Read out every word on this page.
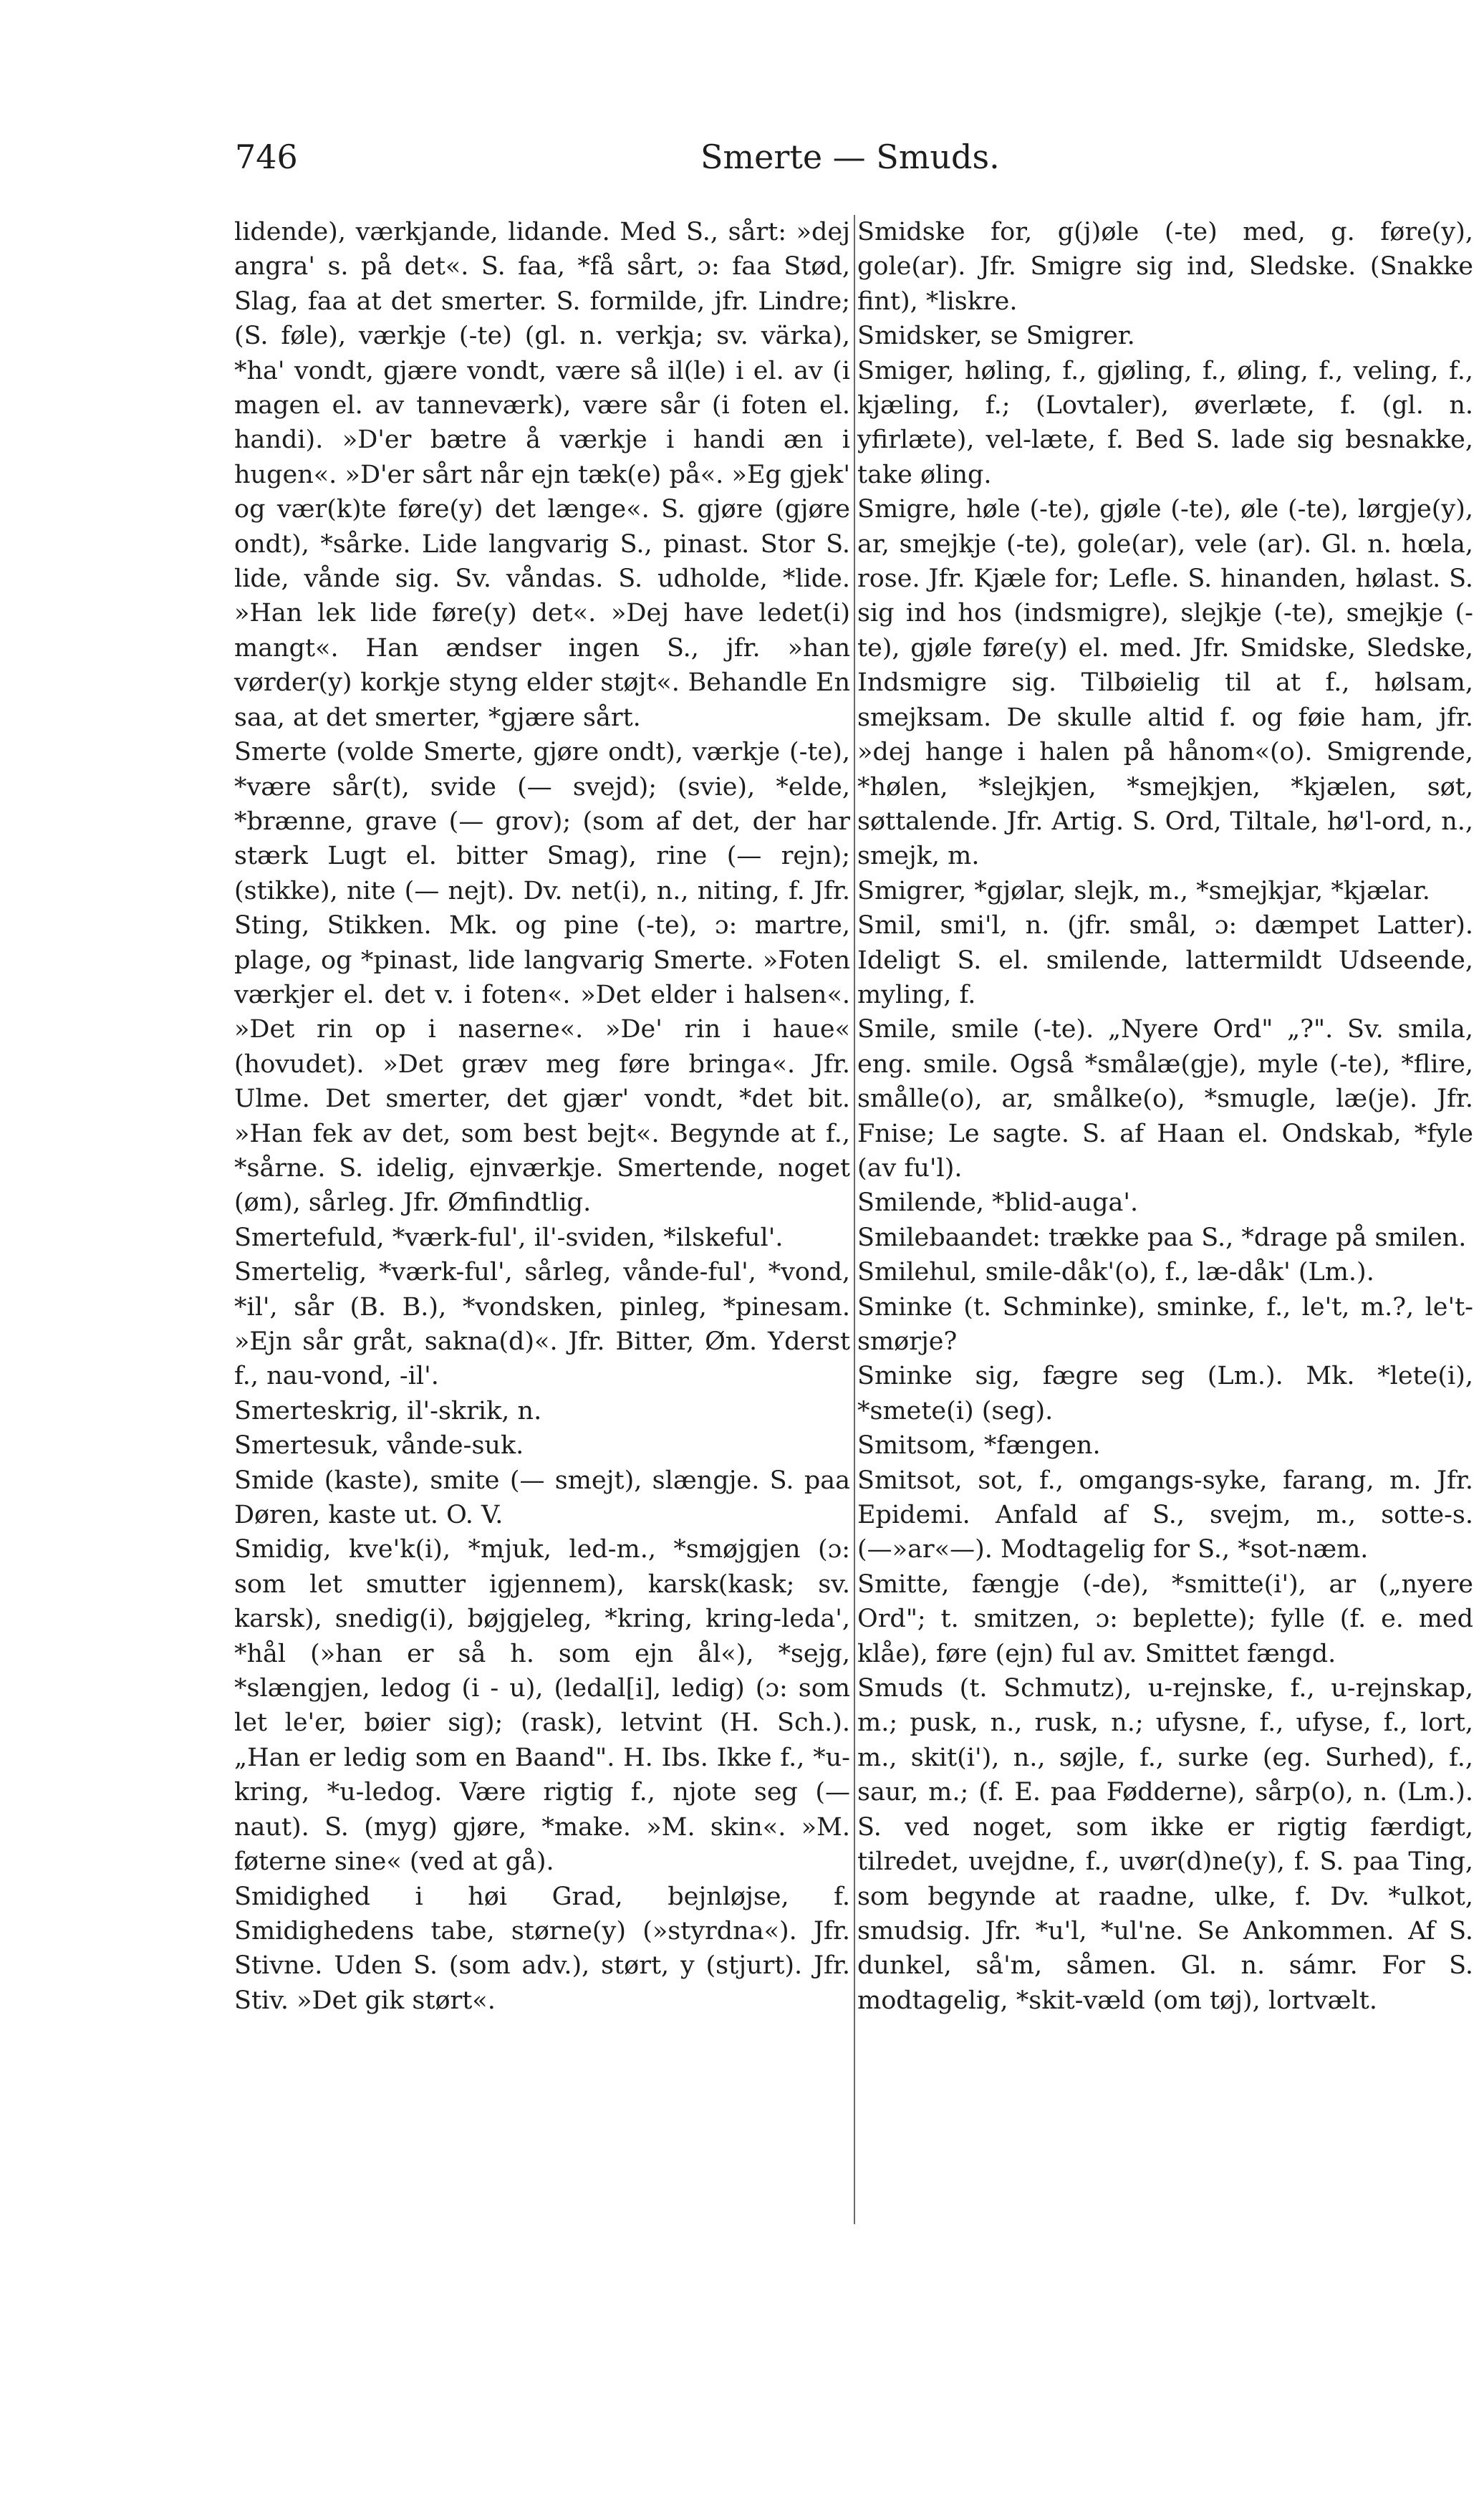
746	Smerte — Smuds.

lidende), værkjande, lidande. Med S., sårt: »dej angra' s. på det«. S. faa, *få sårt, ɔ: faa Stød, Slag, faa at det smerter. S. formilde, jfr. Lindre; (S. føle), værkje (-te) (gl. n. verkja; sv. värka), *ha' vondt, gjære vondt, være så il(le) i el. av (i magen el. av tanneværk), være sår (i foten el. handi). »D'er bætre å værkje i handi æn i hugen«. »D'er sårt når ejn tæk(e) på«. »Eg gjek' og vær(k)te føre(y) det længe«. S. gjøre (gjøre ondt), *sårke. Lide langvarig S., pinast. Stor S. lide, vånde sig. Sv. våndas. S. udholde, *lide. »Han lek lide føre(y) det«. »Dej have ledet(i) mangt«. Han ændser ingen S., jfr. »han vørder(y) korkje styng elder støjt«. Behandle En saa, at det smerter, *gjære sårt.

Smerte (volde Smerte, gjøre ondt), værkje (-te), *være sår(t), svide (— svejd); (svie), *elde, *brænne, grave (— grov); (som af det, der har stærk Lugt el. bitter Smag), rine (— rejn); (stikke), nite (— nejt). Dv. net(i), n., niting, f. Jfr. Sting, Stikken. Mk. og pine (-te), ɔ: martre, plage, og *pinast, lide langvarig Smerte. »Foten værkjer el. det v. i foten«. »Det elder i halsen«. »Det rin op i naserne«. »De' rin i haue« (hovudet). »Det græv meg føre bringa«. Jfr. Ulme. Det smerter, det gjær' vondt, *det bit. »Han fek av det, som best bejt«. Begynde at f., *sårne. S. idelig, ejnværkje. Smertende, noget (øm), sårleg. Jfr. Ømfindtlig.

Smertefuld, *værk-ful', il'-sviden, *ilskeful'.

Smertelig, *værk-ful', sårleg, vånde-ful', *vond, *il', sår (B. B.), *vondsken, pinleg, *pinesam. »Ejn sår gråt, sakna(d)«. Jfr. Bitter, Øm. Yderst f., nau-vond, -il'.

Smerteskrig, il'-skrik, n.

Smertesuk, vånde-suk.

Smide (kaste), smite (— smejt), slængje. S. paa Døren, kaste ut. O. V.

Smidig, kve'k(i), *mjuk, led-m., *smøjgjen (ɔ: som let smutter igjennem), karsk(kask; sv. karsk), snedig(i), bøjgjeleg, *kring, kring-leda', *hål (»han er så h. som ejn ål«), *sejg, *slængjen, ledog (i - u), (ledal[i], ledig) (ɔ: som let le'er, bøier sig); (rask), letvint (H. Sch.). „Han er ledig som en Baand". H. Ibs. Ikke f., *u-kring, *u-ledog. Være rigtig f., njote seg (— naut). S. (myg) gjøre, *make. »M. skin«. »M. føterne sine« (ved at gå).

Smidighed i høi Grad, bejnløjse, f. Smidighedens tabe, størne(y) (»styrdna«). Jfr. Stivne. Uden S. (som adv.), størt, y (stjurt). Jfr. Stiv. »Det gik størt«.

Smidske for, g(j)øle (-te) med, g. føre(y), gole(ar). Jfr. Smigre sig ind, Sledske. (Snakke fint), *liskre.

Smidsker, se Smigrer.

Smiger, høling, f., gjøling, f., øling, f., veling, f., kjæling, f.; (Lovtaler), øverlæte, f. (gl. n. yfirlæte), vel-læte, f. Bed S. lade sig besnakke, take øling.

Smigre, høle (-te), gjøle (-te), øle (-te), lørgje(y), ar, smejkje (-te), gole(ar), vele (ar). Gl. n. hœla, rose. Jfr. Kjæle for; Lefle. S. hinanden, hølast. S. sig ind hos (indsmigre), slejkje (-te), smejkje (-te), gjøle føre(y) el. med. Jfr. Smidske, Sledske, Indsmigre sig. Tilbøielig til at f., hølsam, smejksam. De skulle altid f. og føie ham, jfr. »dej hange i halen på hånom«(o). Smigrende, *hølen, *slejkjen, *smejkjen, *kjælen, søt, søttalende. Jfr. Artig. S. Ord, Tiltale, hø'l-ord, n., smejk, m.

Smigrer, *gjølar, slejk, m., *smejkjar, *kjælar.

Smil, smi'l, n. (jfr. smål, ɔ: dæmpet Latter). Ideligt S. el. smilende, lattermildt Udseende, myling, f.

Smile, smile (-te). „Nyere Ord" „?". Sv. smila, eng. smile. Også *smålæ(gje), myle (-te), *flire, smålle(o), ar, smålke(o), *smugle, læ(je). Jfr. Fnise; Le sagte. S. af Haan el. Ondskab, *fyle (av fu'l).

Smilende, *blid-auga'.

Smilebaandet: trække paa S., *drage på smilen.

Smilehul, smile-dåk'(o), f., læ-dåk' (Lm.).

Sminke (t. Schminke), sminke, f., le't, m.?, le't-smørje?

Sminke sig, fægre seg (Lm.). Mk. *lete(i), *smete(i) (seg).

Smitsom, *fængen.

Smitsot, sot, f., omgangs-syke, farang, m. Jfr. Epidemi. Anfald af S., svejm, m., sotte-s. (—»ar«—). Modtagelig for S., *sot-næm.

Smitte, fængje (-de), *smitte(i'), ar („nyere Ord"; t. smitzen, ɔ: beplette); fylle (f. e. med klåe), føre (ejn) ful av. Smittet fængd.

Smuds (t. Schmutz), u-rejnske, f., u-rejnskap, m.; pusk, n., rusk, n.; ufysne, f., ufyse, f., lort, m., skit(i'), n., søjle, f., surke (eg. Surhed), f., saur, m.; (f. E. paa Fødderne), sårp(o), n. (Lm.). S. ved noget, som ikke er rigtig færdigt, tilredet, uvejdne, f., uvør(d)ne(y), f. S. paa Ting, som begynde at raadne, ulke, f. Dv. *ulkot, smudsig. Jfr. *u'l, *ul'ne. Se Ankommen. Af S. dunkel, så'm, såmen. Gl. n. sámr. For S. modtagelig, *skit-væld (om tøj), lortvælt.
